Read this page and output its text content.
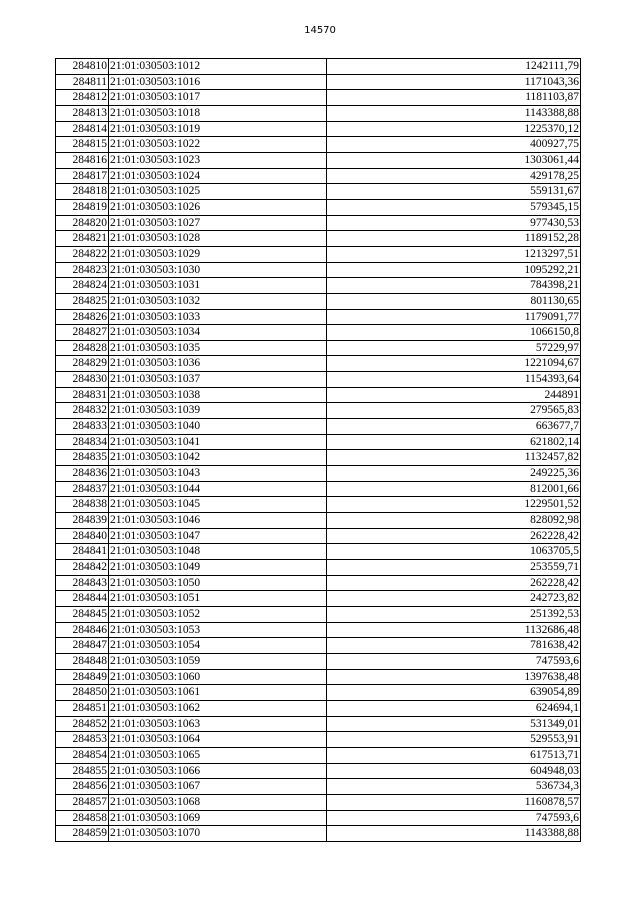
14570
284810	21:01:030503:1012	1242111,79
284811	21:01:030503:1016	1171043,36
284812	21:01:030503:1017	1181103,87
284813	21:01:030503:1018	1143388,88
284814	21:01:030503:1019	1225370,12
284815	21:01:030503:1022	400927,75
284816	21:01:030503:1023	1303061,44
284817	21:01:030503:1024	429178,25
284818	21:01:030503:1025	559131,67
284819	21:01:030503:1026	579345,15
284820	21:01:030503:1027	977430,53
284821	21:01:030503:1028	1189152,28
284822	21:01:030503:1029	1213297,51
284823	21:01:030503:1030	1095292,21
284824	21:01:030503:1031	784398,21
284825	21:01:030503:1032	801130,65
284826	21:01:030503:1033	1179091,77
284827	21:01:030503:1034	1066150,8
284828	21:01:030503:1035	57229,97
284829	21:01:030503:1036	1221094,67
284830	21:01:030503:1037	1154393,64
284831	21:01:030503:1038	244891
284832	21:01:030503:1039	279565,83
284833	21:01:030503:1040	663677,7
284834	21:01:030503:1041	621802,14
284835	21:01:030503:1042	1132457,82
284836	21:01:030503:1043	249225,36
284837	21:01:030503:1044	812001,66
284838	21:01:030503:1045	1229501,52
284839	21:01:030503:1046	828092,98
284840	21:01:030503:1047	262228,42
284841	21:01:030503:1048	1063705,5
284842	21:01:030503:1049	253559,71
284843	21:01:030503:1050	262228,42
284844	21:01:030503:1051	242723,82
284845	21:01:030503:1052	251392,53
284846	21:01:030503:1053	1132686,48
284847	21:01:030503:1054	781638,42
284848	21:01:030503:1059	747593,6
284849	21:01:030503:1060	1397638,48
284850	21:01:030503:1061	639054,89
284851	21:01:030503:1062	624694,1
284852	21:01:030503:1063	531349,01
284853	21:01:030503:1064	529553,91
284854	21:01:030503:1065	617513,71
284855	21:01:030503:1066	604948,03
284856	21:01:030503:1067	536734,3
284857	21:01:030503:1068	1160878,57
284858	21:01:030503:1069	747593,6
284859	21:01:030503:1070	1143388,88
